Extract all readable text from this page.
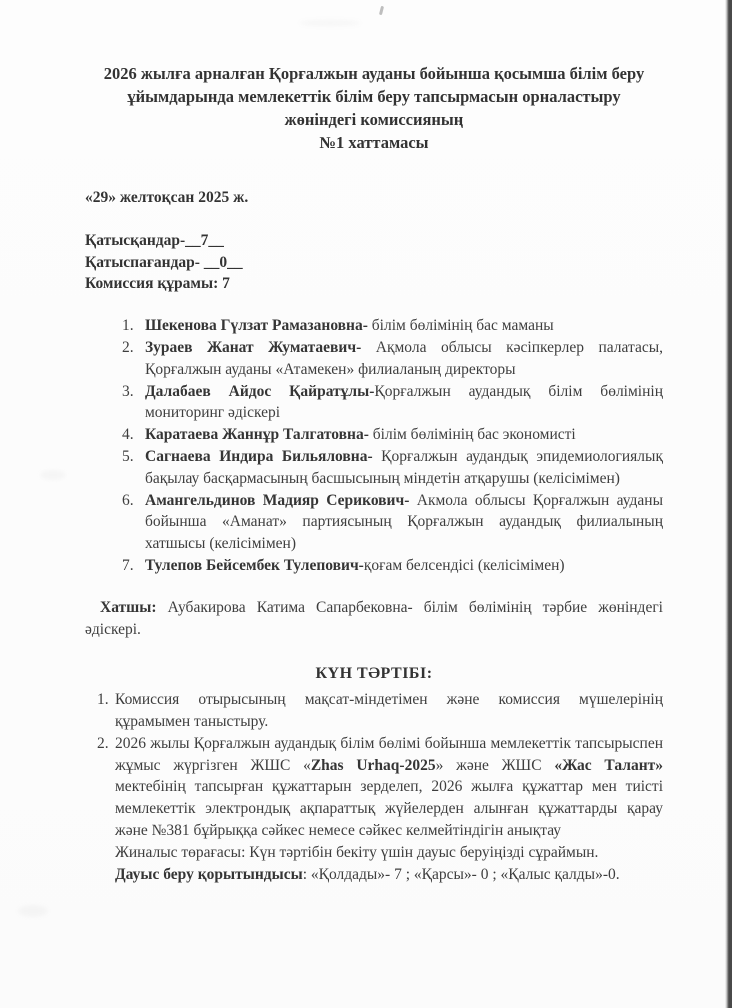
2026 жылға арналған Қорғалжын ауданы бойынша қосымша білім беру
ұйымдарында мемлекеттік білім беру тапсырмасын орналастыру
жөніндегі комиссияның
№1 хаттамасы
«29» желтоқсан 2025 ж.
Қатысқандар-__7__
Қатыспағандар- __0__
Комиссия құрамы: 7
1. Шекенова Гүлзат Рамазановна- білім бөлімінің бас маманы
2. Зураев Жанат Жуматаевич- Ақмола облысы кәсіпкерлер палатасы, Қорғалжын ауданы «Атамекен» филиаланың директоры
3. Далабаев Айдос Қайратұлы-Қорғалжын аудандық білім бөлімінің мониторинг әдіскері
4. Каратаева Жаннұр Талгатовна- білім бөлімінің бас экономисті
5. Сагнаева Индира Бильяловна- Қорғалжын аудандық эпидемиологиялық бақылау басқармасының басшысының міндетін атқарушы (келісімімен)
6. Амангельдинов Мадияр Серикович- Акмола облысы Қорғалжын ауданы бойынша «Аманат» партиясының Қорғалжын аудандық филиалының хатшысы (келісімімен)
7. Тулепов Бейсембек Тулепович-қоғам белсендісі (келісімімен)

Хатшы: Аубакирова Катима Сапарбековна- білім бөлімінің тәрбие жөніндегі әдіскері.

КҮН ТӘРТІБІ:
1. Комиссия отырысының мақсат-міндетімен және комиссия мүшелерінің құрамымен таныстыру.
2. 2026 жылы Қорғалжын аудандық білім бөлімі бойынша мемлекеттік тапсырыспен жұмыс жүргізген ЖШС «Zhas Urhaq-2025» және ЖШС «Жас Талант» мектебінің тапсырған құжаттарын зерделеп, 2026 жылға құжаттар мен тиісті мемлекеттік электрондық ақпараттық жүйелерден алынған құжаттарды қарау және №381 бұйрыққа сәйкес немесе сәйкес келмейтіндігін анықтау
Жиналыс төрағасы: Күн тәртібін бекіту үшін дауыс беруіңізді сұраймын.
Дауыс беру қорытындысы: «Қолдады»- 7 ; «Қарсы»- 0 ; «Қалыс қалды»-0.
